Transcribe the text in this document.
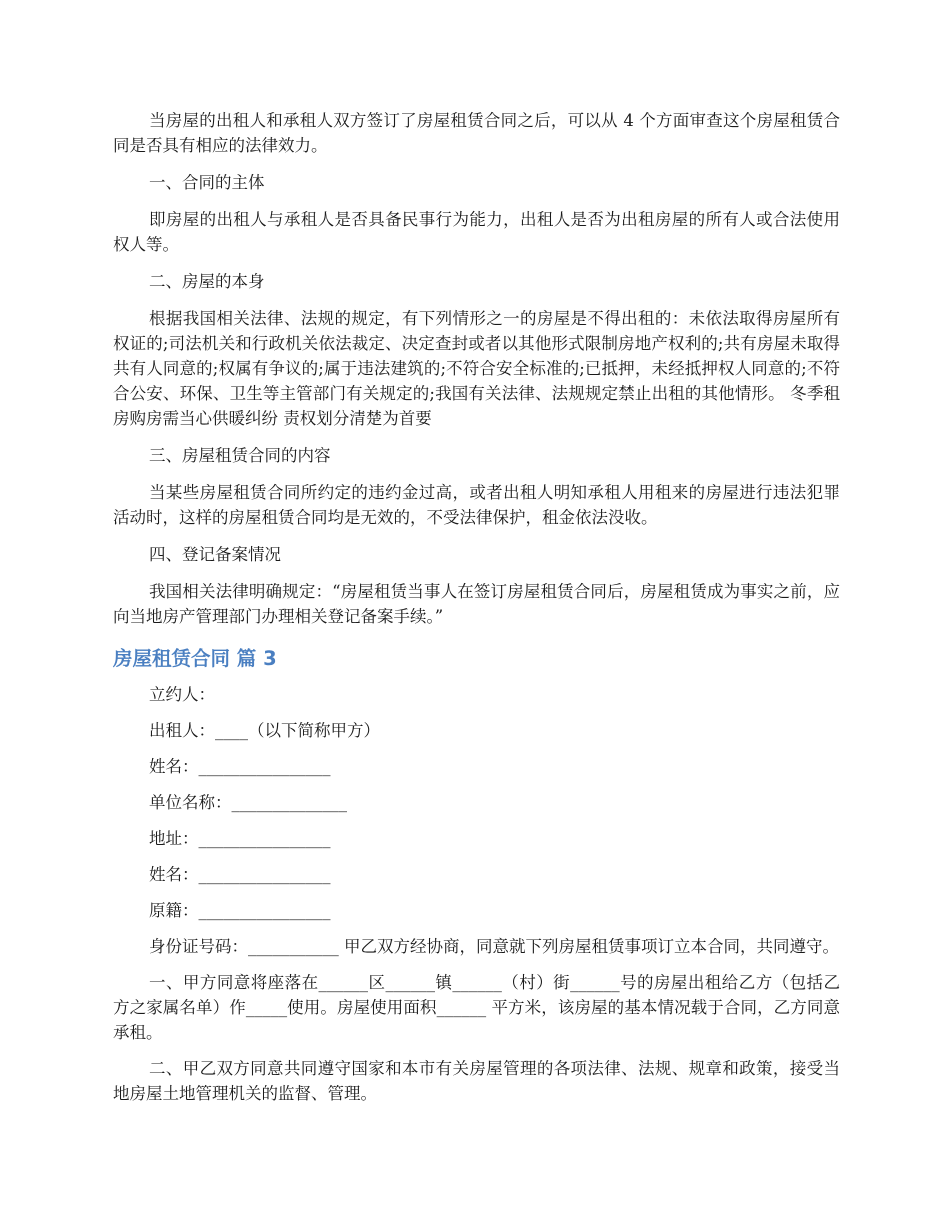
当房屋的出租人和承租人双方签订了房屋租赁合同之后，可以从 4 个方面审查这个房屋租赁合同是否具有相应的法律效力。

一、合同的主体

即房屋的出租人与承租人是否具备民事行为能力，出租人是否为出租房屋的所有人或合法使用权人等。

二、房屋的本身

根据我国相关法律、法规的规定，有下列情形之一的房屋是不得出租的：未依法取得房屋所有权证的;司法机关和行政机关依法裁定、决定查封或者以其他形式限制房地产权利的;共有房屋未取得共有人同意的;权属有争议的;属于违法建筑的;不符合安全标准的;已抵押，未经抵押权人同意的;不符合公安、环保、卫生等主管部门有关规定的;我国有关法律、法规规定禁止出租的其他情形。 冬季租房购房需当心供暖纠纷 责权划分清楚为首要

三、房屋租赁合同的内容

当某些房屋租赁合同所约定的违约金过高，或者出租人明知承租人用租来的房屋进行违法犯罪活动时，这样的房屋租赁合同均是无效的，不受法律保护，租金依法没收。

四、登记备案情况

我国相关法律明确规定：“房屋租赁当事人在签订房屋租赁合同后，房屋租赁成为事实之前，应向当地房产管理部门办理相关登记备案手续。”

房屋租赁合同 篇 3

立约人：

出租人：____（以下简称甲方）

姓名：________________

单位名称：______________

地址：________________

姓名：________________

原籍：________________

身份证号码：___________ 甲乙双方经协商，同意就下列房屋租赁事项订立本合同，共同遵守。

一、甲方同意将座落在______区______镇______（村）街______号的房屋出租给乙方（包括乙方之家属名单）作_____使用。房屋使用面积______ 平方米，该房屋的基本情况载于合同，乙方同意承租。

二、甲乙双方同意共同遵守国家和本市有关房屋管理的各项法律、法规、规章和政策，接受当地房屋土地管理机关的监督、管理。
